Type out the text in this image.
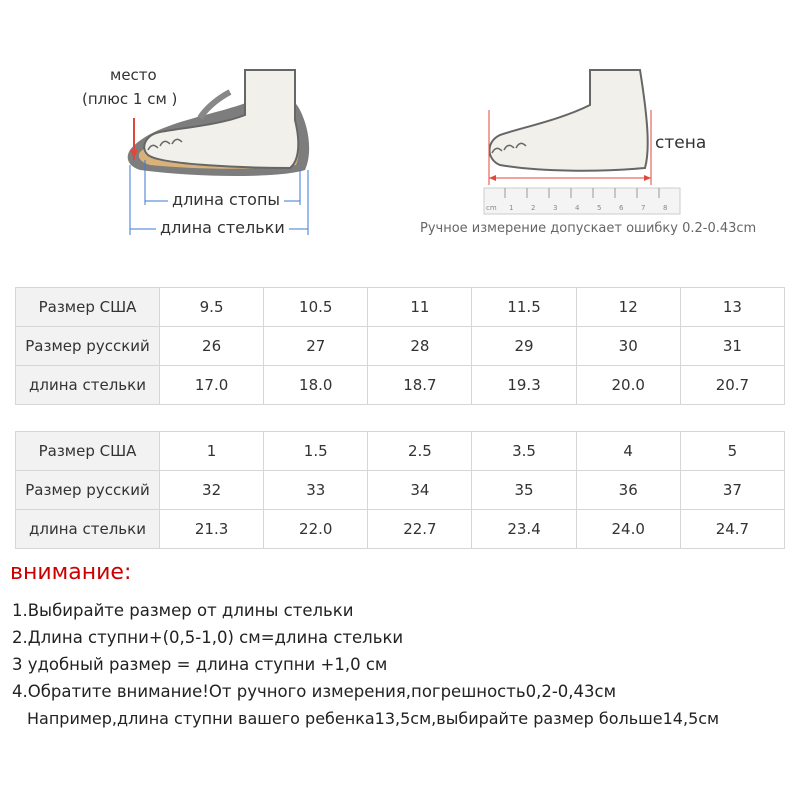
cm 1	2	3	4	5	6	7	8
место
(плюс 1 см )
длина стопы
длина стельки
стена
Ручное измерение допускает ошибку 0.2-0.43cm
Размер США	9.5	10.5	11	11.5	12	13
Размер русский	26	27	28	29	30	31
длина стельки	17.0	18.0	18.7	19.3	20.0	20.7
Размер США	1	1.5	2.5	3.5	4	5
Размер русский	32	33	34	35	36	37
длина стельки	21.3	22.0	22.7	23.4	24.0	24.7
внимание:
1.Выбирайте размер от длины стельки
2.Длина ступни+(0,5-1,0) см=длина стельки
3 удобный размер = длина ступни +1,0 см
4.Обратите внимание!От ручного измерения,погрешность0,2-0,43см
Например,длина ступни вашего ребенка13,5см,выбирайте размер больше14,5см
